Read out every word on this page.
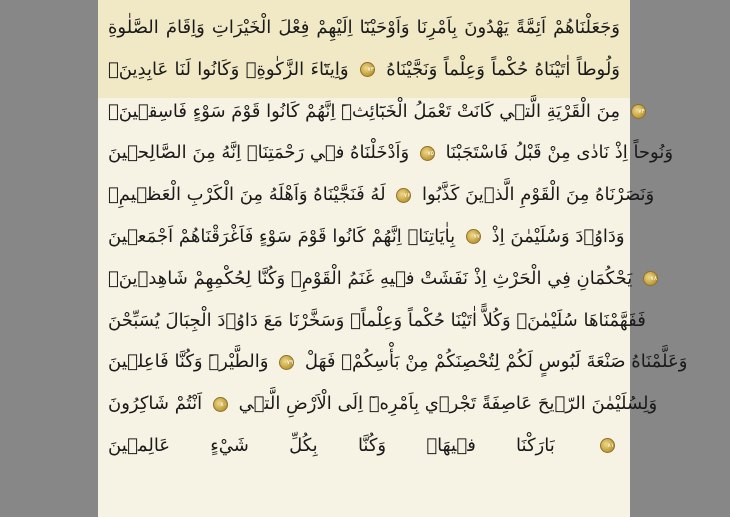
وَجَعَلْنَاهُمْ اَئِمَّةً يَهْدُونَ بِاَمْرِنَا وَاَوْحَيْنَٓا اِلَيْهِمْ فِعْلَ الْخَيْرَاتِ وَاِقَامَ الصَّلٰوةِ
وَاِيتَٓاءَ الزَّكٰوةِۚ وَكَانُوا لَنَا عَابِدِينَۙ ۷۳ وَلُوطاً اٰتَيْنَاهُ حُكْماً وَعِلْماً وَنَجَّيْنَاهُ
مِنَ الْقَرْيَةِ الَّت۪ي كَانَتْ تَعْمَلُ الْخَبَٓائِثَۜ اِنَّهُمْ كَانُوا قَوْمَ سَوْءٍ فَاسِق۪ينَۙ ۷۴
وَاَدْخَلْنَاهُ ف۪ي رَحْمَتِنَاۜ اِنَّهُ مِنَ الصَّالِح۪ينَ ۷۵ وَنُوحاً اِذْ نَادٰى مِنْ قَبْلُ فَاسْتَجَبْنَا
لَهُ فَنَجَّيْنَاهُ وَاَهْلَهُ مِنَ الْكَرْبِ الْعَظ۪يمِۚ ۷۶ وَنَصَرْنَاهُ مِنَ الْقَوْمِ الَّذ۪ينَ كَذَّبُوا
بِاٰيَاتِنَاۜ اِنَّهُمْ كَانُوا قَوْمَ سَوْءٍ فَاَغْرَقْنَاهُمْ اَجْمَع۪ينَ ۷۷ وَدَاوُ۫دَ وَسُلَيْمٰنَ اِذْ
يَحْكُمَانِ فِي الْحَرْثِ اِذْ نَفَشَتْ ف۪يهِ غَنَمُ الْقَوْمِۚ وَكُنَّا لِحُكْمِهِمْ شَاهِد۪ينَۙ ۷۸
فَفَهَّمْنَاهَا سُلَيْمٰنَۚ وَكُلاًّ اٰتَيْنَا حُكْماً وَعِلْماًۘ وَسَخَّرْنَا مَعَ دَاوُ۫دَ الْجِبَالَ يُسَبِّحْنَ
وَالطَّيْرَۜ وَكُنَّا فَاعِل۪ينَ ۷۹ وَعَلَّمْنَاهُ صَنْعَةَ لَبُوسٍ لَكُمْ لِتُحْصِنَكُمْ مِنْ بَأْسِكُمْۚ فَهَلْ
اَنْتُمْ شَاكِرُونَ ۸۰ وَلِسُلَيْمٰنَ الرّ۪يحَ عَاصِفَةً تَجْر۪ي بِاَمْرِه۪ٓ اِلَى الْاَرْضِ الَّت۪ي
بَارَكْنَا ف۪يهَاۜ وَكُنَّا بِكُلِّ شَيْءٍ عَالِم۪ينَ ۸۱
